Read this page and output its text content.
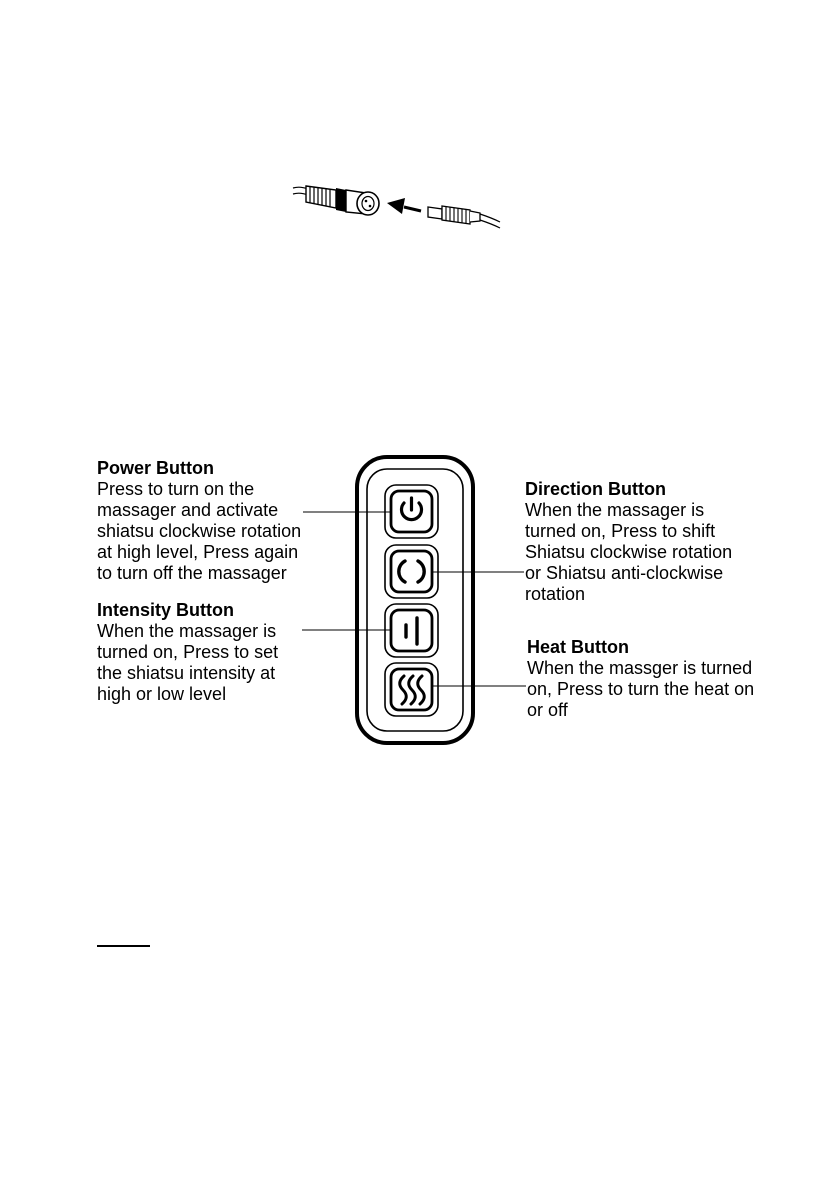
Power Button
Press to turn on the
massager and activate
shiatsu clockwise rotation
at high level, Press again
to turn off the massager
Intensity Button
When the massager is
turned on, Press to set
the shiatsu intensity at
high or low level
Direction Button
When the massager is
turned on, Press to shift
Shiatsu clockwise rotation
or Shiatsu anti-clockwise
rotation
Heat Button
When the massger is turned
on, Press to turn the heat on
or off
